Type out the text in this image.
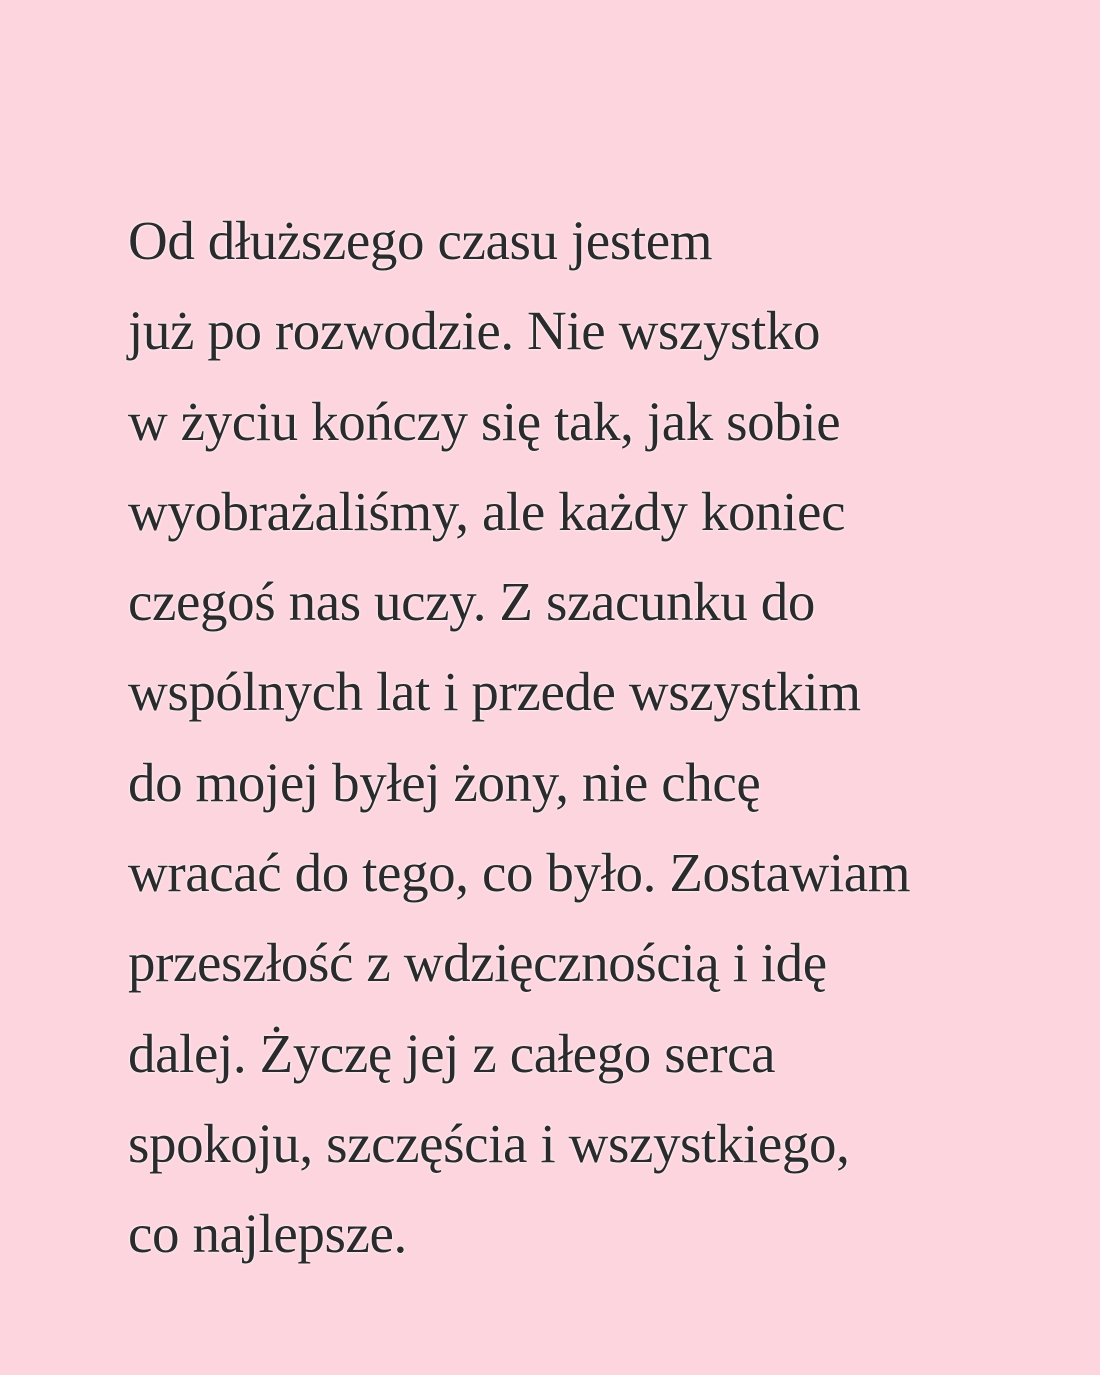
Od dłuższego czasu jestem
już po rozwodzie. Nie wszystko
w życiu kończy się tak, jak sobie
wyobrażaliśmy, ale każdy koniec
czegoś nas uczy. Z szacunku do
wspólnych lat i przede wszystkim
do mojej byłej żony, nie chcę
wracać do tego, co było. Zostawiam
przeszłość z wdzięcznością i idę
dalej. Życzę jej z całego serca
spokoju, szczęścia i wszystkiego,
co najlepsze.
